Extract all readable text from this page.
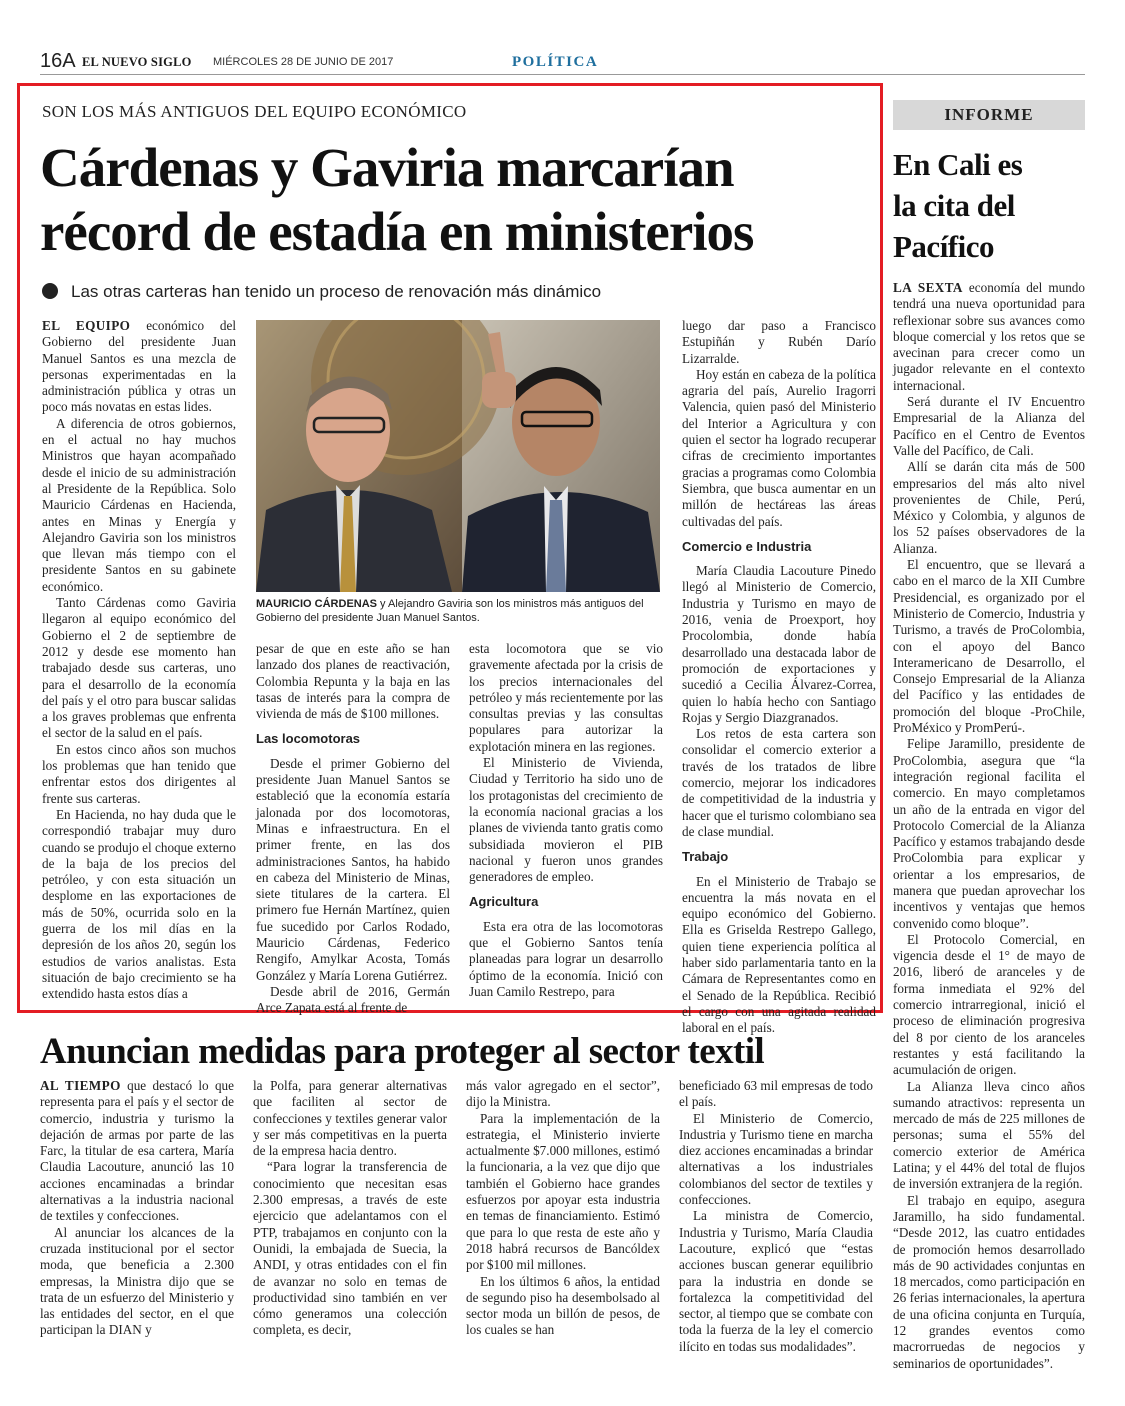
16A EL NUEVO SIGLO MIÉRCOLES 28 DE JUNIO DE 2017	POLÍTICA
SON LOS MÁS ANTIGUOS DEL EQUIPO ECONÓMICO
Cárdenas y Gaviria marcarían
récord de estadía en ministerios
Las otras carteras han tenido un proceso de renovación más dinámico

EL EQUIPO económico del Gobierno del presidente Juan Manuel Santos es una mezcla de personas experimentadas en la administración pública y otras un poco más novatas en estas lides.

A diferencia de otros gobiernos, en el actual no hay muchos Ministros que hayan acompañado desde el inicio de su administración al Presidente de la República. Solo Mauricio Cárdenas en Hacienda, antes en Minas y Energía y Alejandro Gaviria son los ministros que llevan más tiempo con el presidente Santos en su gabinete económico.

Tanto Cárdenas como Gaviria llegaron al equipo económico del Gobierno el 2 de septiembre de 2012 y desde ese momento han trabajado desde sus carteras, uno para el desarrollo de la economía del país y el otro para buscar salidas a los graves problemas que enfrenta el sector de la salud en el país.

En estos cinco años son muchos los problemas que han tenido que enfrentar estos dos dirigentes al frente sus carteras.

En Hacienda, no hay duda que le correspondió trabajar muy duro cuando se produjo el choque externo de la baja de los precios del petróleo, y con esta situación un desplome en las exportaciones de más de 50%, ocurrida solo en la guerra de los mil días en la depresión de los años 20, según los estudios de varios analistas. Esta situación de bajo crecimiento se ha extendido hasta estos días a

MAURICIO CÁRDENAS y Alejandro Gaviria son los ministros más antiguos del Gobierno del presidente Juan Manuel Santos.

pesar de que en este año se han lanzado dos planes de reactivación, Colombia Repunta y la baja en las tasas de interés para la compra de vivienda de más de $100 millones.

Las locomotoras

Desde el primer Gobierno del presidente Juan Manuel Santos se estableció que la economía estaría jalonada por dos locomotoras, Minas e infraestructura. En el primer frente, en las dos administraciones Santos, ha habido en cabeza del Ministerio de Minas, siete titulares de la cartera. El primero fue Hernán Martínez, quien fue sucedido por Carlos Rodado, Mauricio Cárdenas, Federico Rengifo, Amylkar Acosta, Tomás González y María Lorena Gutiérrez.

Desde abril de 2016, Germán Arce Zapata está al frente de

esta locomotora que se vio gravemente afectada por la crisis de los precios internacionales del petróleo y más recientemente por las consultas previas y las consultas populares para autorizar la explotación minera en las regiones.

El Ministerio de Vivienda, Ciudad y Territorio ha sido uno de los protagonistas del crecimiento de la economía nacional gracias a los planes de vivienda tanto gratis como subsidiada movieron el PIB nacional y fueron unos grandes generadores de empleo.

Agricultura

Esta era otra de las locomotoras que el Gobierno Santos tenía planeadas para lograr un desarrollo óptimo de la economía. Inició con Juan Camilo Restrepo, para

luego dar paso a Francisco Estupiñán y Rubén Darío Lizarralde.

Hoy están en cabeza de la política agraria del país, Aurelio Iragorri Valencia, quien pasó del Ministerio del Interior a Agricultura y con quien el sector ha logrado recuperar cifras de crecimiento importantes gracias a programas como Colombia Siembra, que busca aumentar en un millón de hectáreas las áreas cultivadas del país.

Comercio e Industria

María Claudia Lacouture Pinedo llegó al Ministerio de Comercio, Industria y Turismo en mayo de 2016, venia de Proexport, hoy Procolombia, donde había desarrollado una destacada labor de promoción de exportaciones y sucedió a Cecilia Álvarez-Correa, quien lo había hecho con Santiago Rojas y Sergio Diazgranados.

Los retos de esta cartera son consolidar el comercio exterior a través de los tratados de libre comercio, mejorar los indicadores de competitividad de la industria y hacer que el turismo colombiano sea de clase mundial.

Trabajo

En el Ministerio de Trabajo se encuentra la más novata en el equipo económico del Gobierno. Ella es Griselda Restrepo Gallego, quien tiene experiencia política al haber sido parlamentaria tanto en la Cámara de Representantes como en el Senado de la República. Recibió el cargo con una agitada realidad laboral en el país.

Anuncian medidas para proteger al sector textil

AL TIEMPO que destacó lo que representa para el país y el sector de comercio, industria y turismo la dejación de armas por parte de las Farc, la titular de esa cartera, María Claudia Lacouture, anunció las 10 acciones encaminadas a brindar alternativas a la industria nacional de textiles y confecciones.

Al anunciar los alcances de la cruzada institucional por el sector moda, que beneficia a 2.300 empresas, la Ministra dijo que se trata de un esfuerzo del Ministerio y las entidades del sector, en el que participan la DIAN y

la Polfa, para generar alternativas que faciliten al sector de confecciones y textiles generar valor y ser más competitivas en la puerta de la empresa hacia dentro.

“Para lograr la transferencia de conocimiento que necesitan esas 2.300 empresas, a través de este ejercicio que adelantamos con el PTP, trabajamos en conjunto con la Ounidi, la embajada de Suecia, la ANDI, y otras entidades con el fin de avanzar no solo en temas de productividad sino también en ver cómo generamos una colección completa, es decir,

más valor agregado en el sector”, dijo la Ministra.

Para la implementación de la estrategia, el Ministerio invierte actualmente $7.000 millones, estimó la funcionaria, a la vez que dijo que también el Gobierno hace grandes esfuerzos por apoyar esta industria en temas de financiamiento. Estimó que para lo que resta de este año y 2018 habrá recursos de Bancóldex por $100 mil millones.

En los últimos 6 años, la entidad de segundo piso ha desembolsado al sector moda un billón de pesos, de los cuales se han

beneficiado 63 mil empresas de todo el país.

El Ministerio de Comercio, Industria y Turismo tiene en marcha diez acciones encaminadas a brindar alternativas a los industriales colombianos del sector de textiles y confecciones.

La ministra de Comercio, Industria y Turismo, María Claudia Lacouture, explicó que “estas acciones buscan generar equilibrio para la industria en donde se fortalezca la competitividad del sector, al tiempo que se combate con toda la fuerza de la ley el comercio ilícito en todas sus modalidades”.

INFORME
En Cali es
la cita del
Pacífico

LA SEXTA economía del mundo tendrá una nueva oportunidad para reflexionar sobre sus avances como bloque comercial y los retos que se avecinan para crecer como un jugador relevante en el contexto internacional.

Será durante el IV Encuentro Empresarial de la Alianza del Pacífico en el Centro de Eventos Valle del Pacífico, de Cali.

Allí se darán cita más de 500 empresarios del más alto nivel provenientes de Chile, Perú, México y Colombia, y algunos de los 52 países observadores de la Alianza.

El encuentro, que se llevará a cabo en el marco de la XII Cumbre Presidencial, es organizado por el Ministerio de Comercio, Industria y Turismo, a través de ProColombia, con el apoyo del Banco Interamericano de Desarrollo, el Consejo Empresarial de la Alianza del Pacífico y las entidades de promoción del bloque -ProChile, ProMéxico y PromPerú-.

Felipe Jaramillo, presidente de ProColombia, asegura que “la integración regional facilita el comercio. En mayo completamos un año de la entrada en vigor del Protocolo Comercial de la Alianza Pacífico y estamos trabajando desde ProColombia para explicar y orientar a los empresarios, de manera que puedan aprovechar los incentivos y ventajas que hemos convenido como bloque”.

El Protocolo Comercial, en vigencia desde el 1° de mayo de 2016, liberó de aranceles y de forma inmediata el 92% del comercio intrarregional, inició el proceso de eliminación progresiva del 8 por ciento de los aranceles restantes y está facilitando la acumulación de origen.

La Alianza lleva cinco años sumando atractivos: representa un mercado de más de 225 millones de personas; suma el 55% del comercio exterior de América Latina; y el 44% del total de flujos de inversión extranjera de la región.

El trabajo en equipo, asegura Jaramillo, ha sido fundamental. “Desde 2012, las cuatro entidades de promoción hemos desarrollado más de 90 actividades conjuntas en 18 mercados, como participación en 26 ferias internacionales, la apertura de una oficina conjunta en Turquía, 12 grandes eventos como macrorruedas de negocios y seminarios de oportunidades”.
